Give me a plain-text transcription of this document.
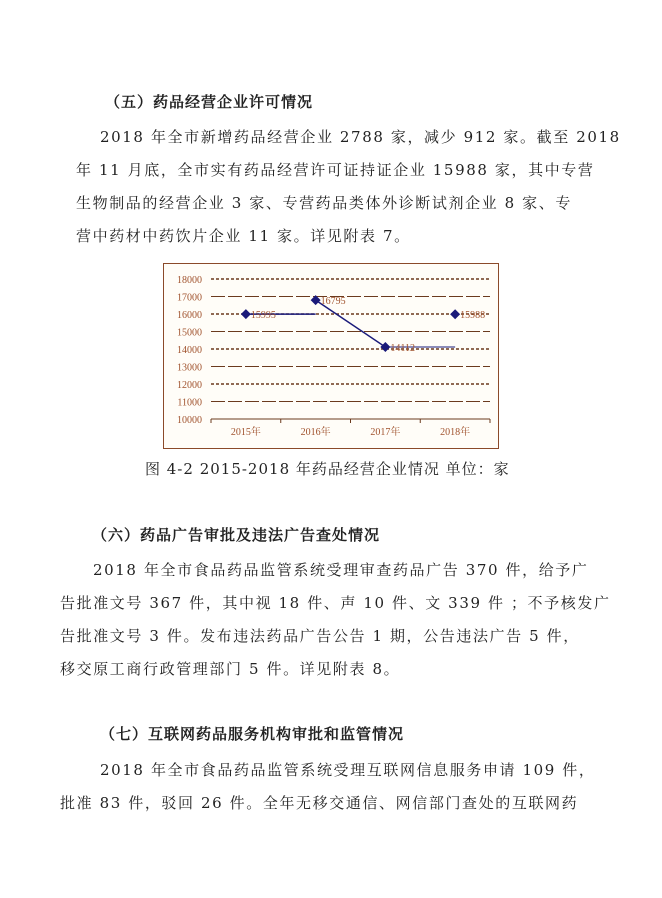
（五）药品经营企业许可情况
2018 年全市新增药品经营企业 2788 家，减少 912 家。截至 2018
年 11 月底，全市实有药品经营许可证持证企业 15988 家，其中专营
生物制品的经营企业 3 家、专营药品类体外诊断试剂企业 8 家、专
营中药材中药饮片企业 11 家。详见附表 7。
18000
17000
16000
15000
14000
13000
12000
11000
10000
2015年	2016年	2017年	2018年
15995
16795
14112
15988
图 4-2 2015-2018 年药品经营企业情况 单位：家
（六）药品广告审批及违法广告查处情况
2018 年全市食品药品监管系统受理审查药品广告 370 件，给予广
告批准文号 367 件，其中视 18 件、声 10 件、文 339 件 ；不予核发广
告批准文号 3 件。发布违法药品广告公告 1 期，公告违法广告 5 件，
移交原工商行政管理部门 5 件。详见附表 8。
（七）互联网药品服务机构审批和监管情况
2018 年全市食品药品监管系统受理互联网信息服务申请 109 件，
批准 83 件，驳回 26 件。全年无移交通信、网信部门查处的互联网药
